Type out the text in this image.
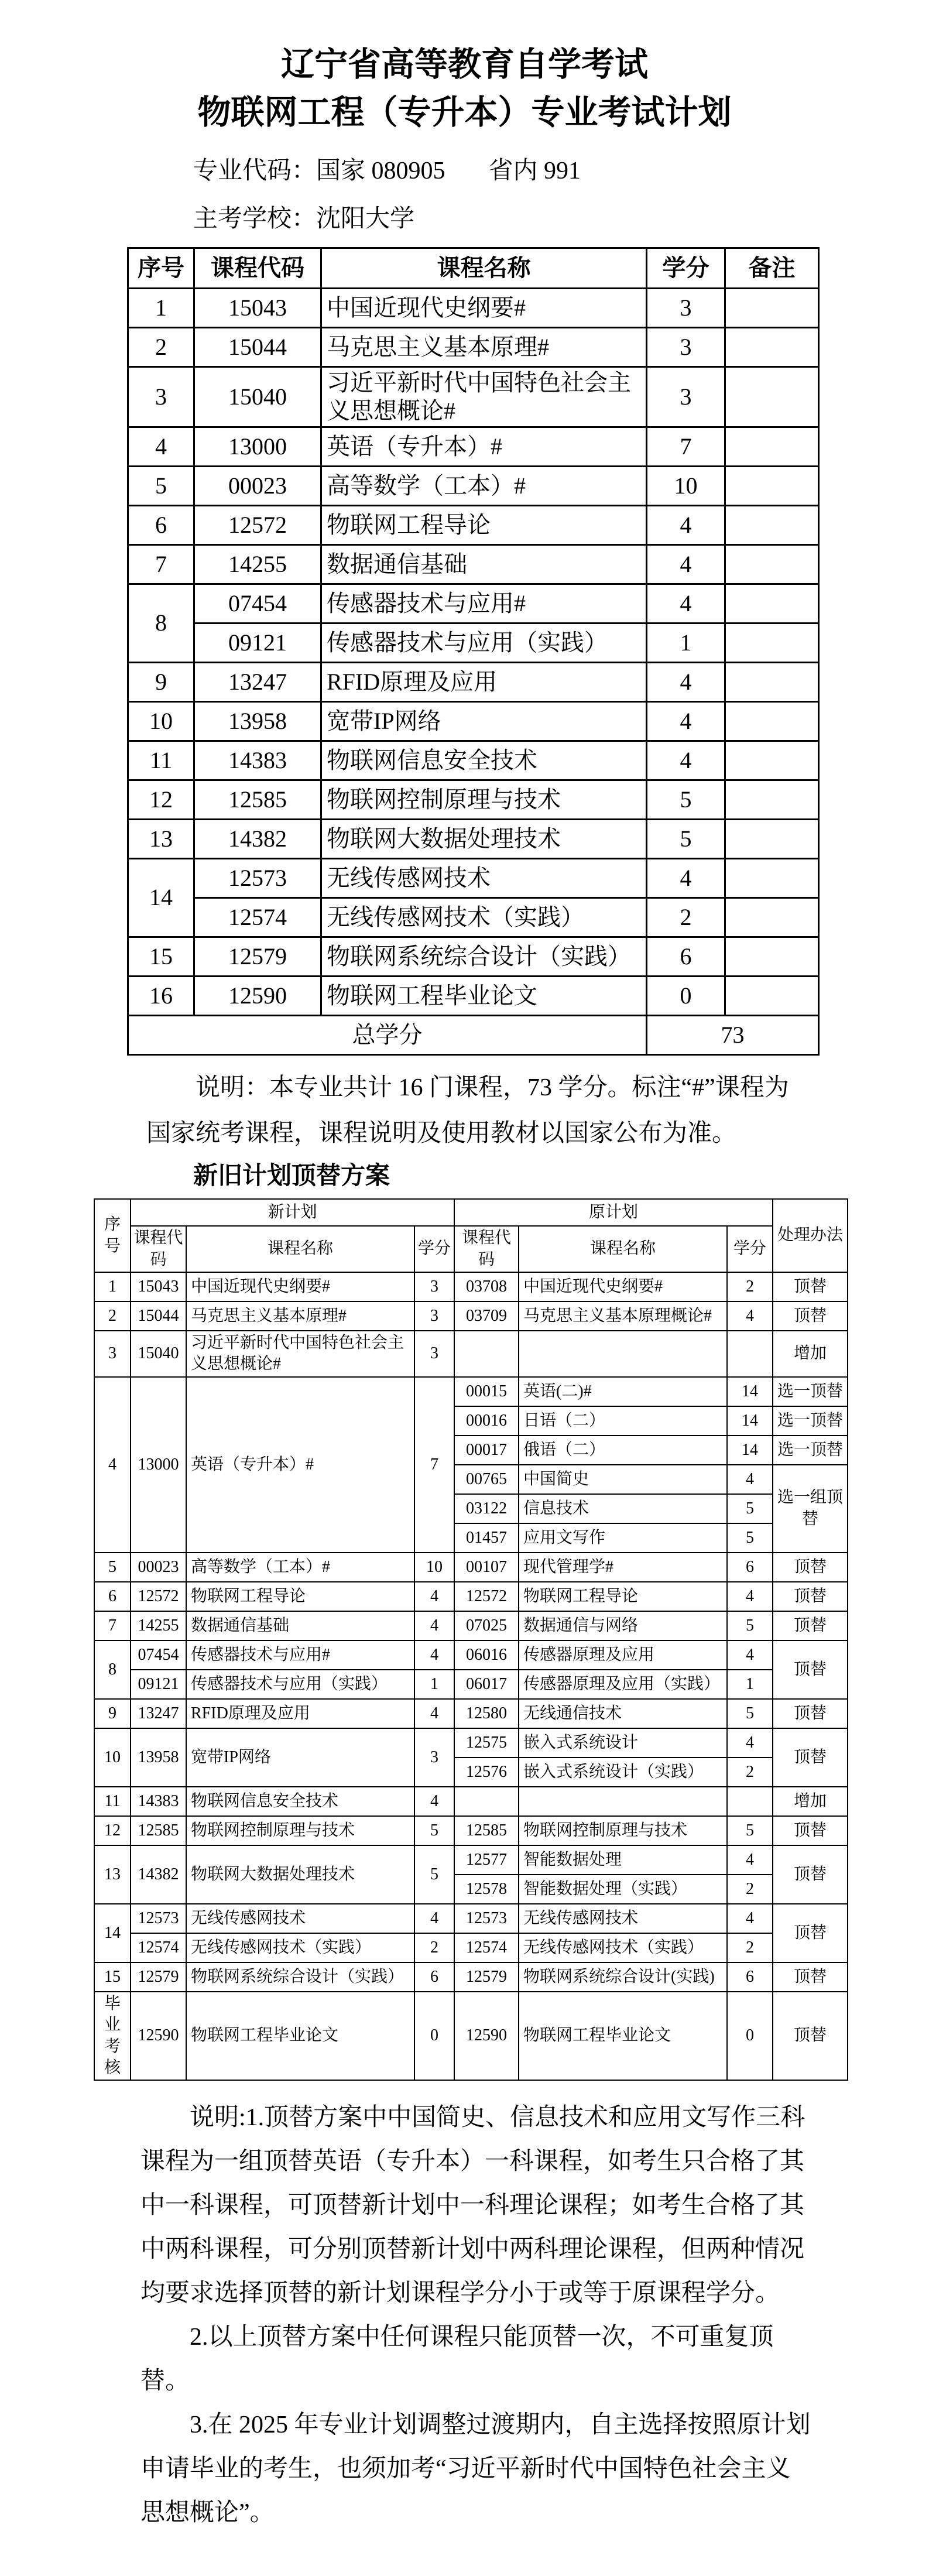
辽宁省高等教育自学考试
物联网工程（专升本）专业考试计划
专业代码：国家 080905 省内 991
主考学校：沈阳大学
序号	课程代码	课程名称	学分	备注
1	15043	中国近现代史纲要#	3	
2	15044	马克思主义基本原理#	3	
3	15040	习近平新时代中国特色社会主义思想概论#	3	
4	13000	英语（专升本）#	7	
5	00023	高等数学（工本）#	10	
6	12572	物联网工程导论	4	
7	14255	数据通信基础	4	
8	07454	传感器技术与应用#	4	
	09121	传感器技术与应用（实践）	1	
9	13247	RFID原理及应用	4	
10	13958	宽带IP网络	4	
11	14383	物联网信息安全技术	4	
12	12585	物联网控制原理与技术	5	
13	14382	物联网大数据处理技术	5	
14	12573	无线传感网技术	4	
	12574	无线传感网技术（实践）	2	
15	12579	物联网系统综合设计（实践）	6	
16	12590	物联网工程毕业论文	0	
总学分			73	

说明：本专业共计 16 门课程，73 学分。标注“#”课程为国家统考课程，课程说明及使用教材以国家公布为准。

新旧计划顶替方案
序号	新计划			原计划			处理办法
	课程代码	课程名称	学分	课程代码	课程名称	学分	
1	15043	中国近现代史纲要#	3	03708	中国近现代史纲要#	2	顶替
2	15044	马克思主义基本原理#	3	03709	马克思主义基本原理概论#	4	顶替
3	15040	习近平新时代中国特色社会主义思想概论#	3				增加
4	13000	英语（专升本）#	7	00015	英语(二)#	14	选一顶替
				00016	日语（二）	14	选一顶替
				00017	俄语（二）	14	选一顶替
				00765	中国简史	4	选一组顶替
				03122	信息技术	5	
				01457	应用文写作	5	
5	00023	高等数学（工本）#	10	00107	现代管理学#	6	顶替
6	12572	物联网工程导论	4	12572	物联网工程导论	4	顶替
7	14255	数据通信基础	4	07025	数据通信与网络	5	顶替
8	07454	传感器技术与应用#	4	06016	传感器原理及应用	4	顶替
	09121	传感器技术与应用（实践）	1	06017	传感器原理及应用（实践）	1	
9	13247	RFID原理及应用	4	12580	无线通信技术	5	顶替
10	13958	宽带IP网络	3	12575	嵌入式系统设计	4	顶替
				12576	嵌入式系统设计（实践）	2	
11	14383	物联网信息安全技术	4				增加
12	12585	物联网控制原理与技术	5	12585	物联网控制原理与技术	5	顶替
13	14382	物联网大数据处理技术	5	12577	智能数据处理	4	顶替
				12578	智能数据处理（实践）	2	
14	12573	无线传感网技术	4	12573	无线传感网技术	4	顶替
	12574	无线传感网技术（实践）	2	12574	无线传感网技术（实践）	2	
15	12579	物联网系统综合设计（实践）	6	12579	物联网系统综合设计(实践)	6	顶替
毕业考核	12590	物联网工程毕业论文	0	12590	物联网工程毕业论文	0	顶替

说明:1.顶替方案中中国简史、信息技术和应用文写作三科课程为一组顶替英语（专升本）一科课程，如考生只合格了其中一科课程，可顶替新计划中一科理论课程；如考生合格了其中两科课程，可分别顶替新计划中两科理论课程，但两种情况均要求选择顶替的新计划课程学分小于或等于原课程学分。

2.以上顶替方案中任何课程只能顶替一次，不可重复顶替。

3.在 2025 年专业计划调整过渡期内，自主选择按照原计划申请毕业的考生，也须加考“习近平新时代中国特色社会主义思想概论”。
